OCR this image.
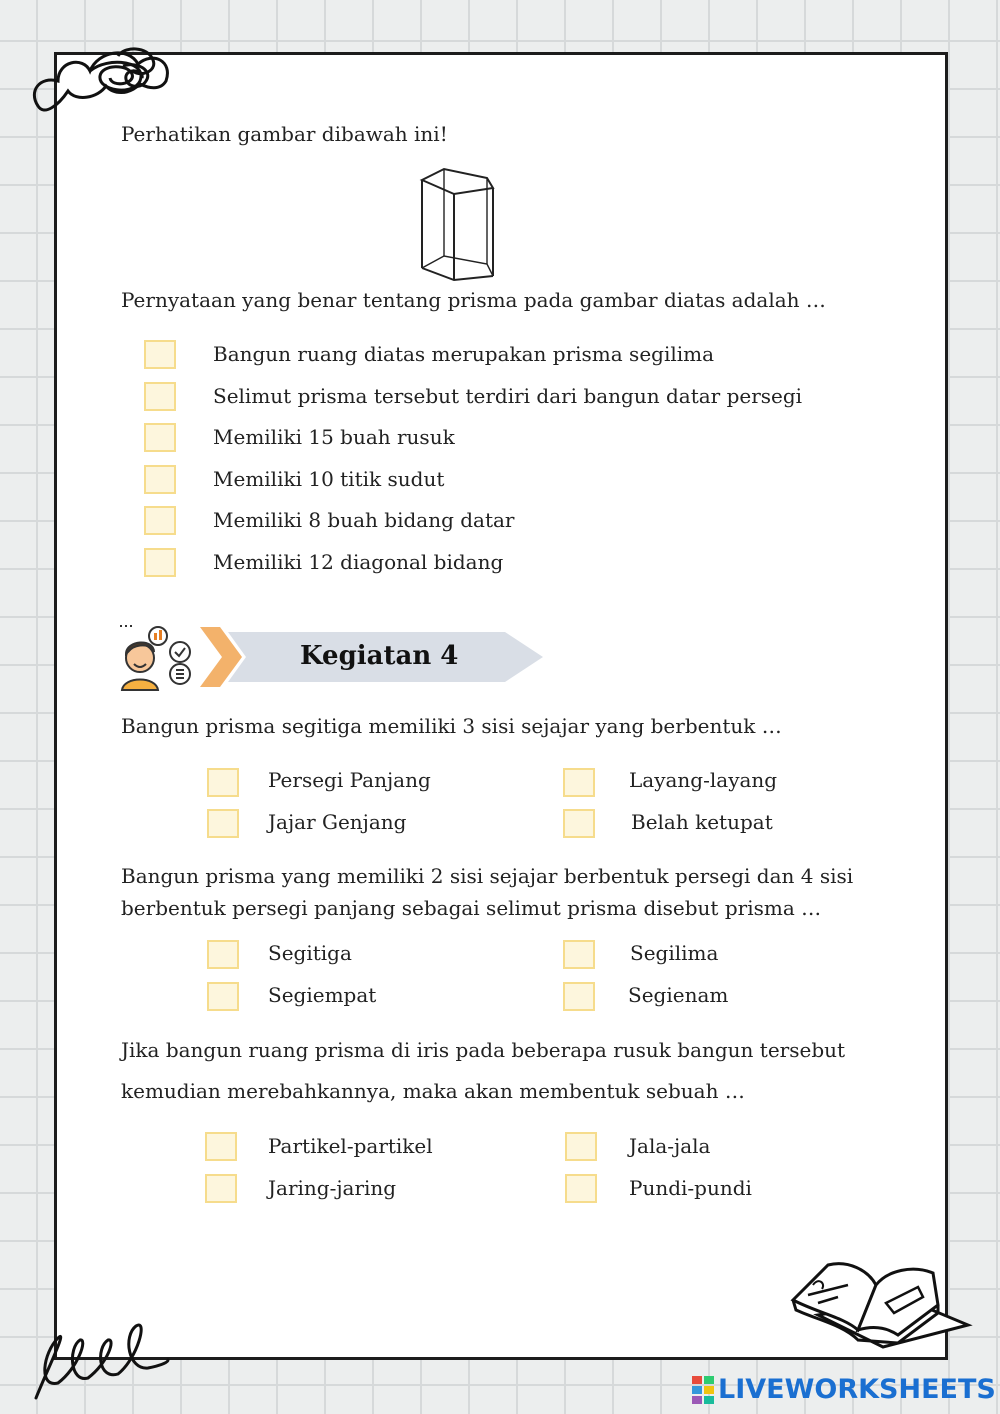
Perhatikan gambar dibawah ini!
Pernyataan yang benar tentang prisma pada gambar diatas adalah …
Bangun ruang diatas merupakan prisma segilima
Selimut prisma tersebut terdiri dari bangun datar persegi
Memiliki 15 buah rusuk
Memiliki 10 titik sudut
Memiliki 8 buah bidang datar
Memiliki 12 diagonal bidang
Kegiatan 4
Bangun prisma segitiga memiliki 3 sisi sejajar yang berbentuk …
Persegi Panjang	Layang-layang
Jajar Genjang	Belah ketupat
Bangun prisma yang memiliki 2 sisi sejajar berbentuk persegi dan 4 sisi
berbentuk persegi panjang sebagai selimut prisma disebut prisma …
Segitiga	Segilima
Segiempat	Segienam
Jika bangun ruang prisma di iris pada beberapa rusuk bangun tersebut
kemudian merebahkannya, maka akan membentuk sebuah …
Partikel-partikel	Jala-jala
Jaring-jaring	Pundi-pundi
LIVEWORKSHEETS
